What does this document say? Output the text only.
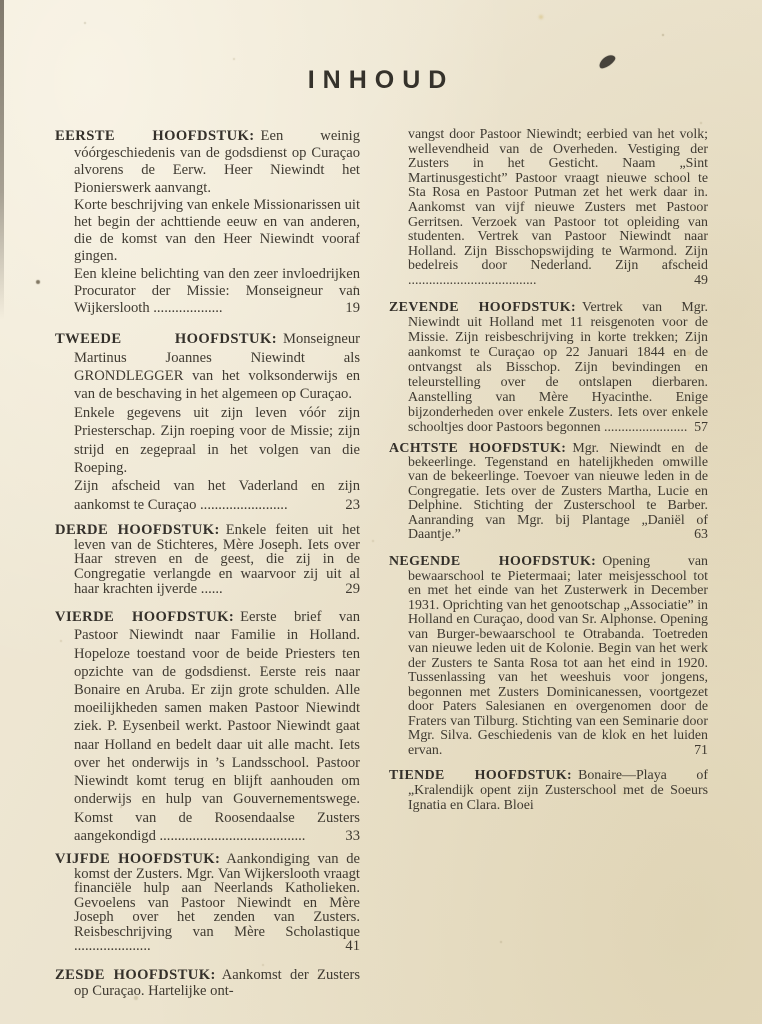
INHOUD

EERSTE HOOFDSTUK: Een weinig vóórgeschiedenis van de godsdienst op Curaçao alvorens de Eerw. Heer Niewindt het Pionierswerk aanvangt.

Korte beschrijving van enkele Missionarissen uit het begin der achttiende eeuw en van anderen, die de komst van den Heer Niewindt vooraf gingen.

Een kleine belichting van den zeer invloedrijken Procurator der Missie: Monseigneur van Wijkerslooth ...................	19

TWEEDE HOOFDSTUK: Monseigneur Martinus Joannes Niewindt als GRONDLEGGER van het volksonderwijs en van de beschaving in het algemeen op Curaçao.

Enkele gegevens uit zijn leven vóór zijn Priesterschap. Zijn roeping voor de Missie; zijn strijd en zegepraal in het volgen van die Roeping.

Zijn afscheid van het Vaderland en zijn aankomst te Curaçao ........................	23

DERDE HOOFDSTUK: Enkele feiten uit het leven van de Stichteres, Mère Joseph. Iets over Haar streven en de geest, die zij in de Congregatie verlangde en waarvoor zij uit al haar krachten ijverde ......	29

VIERDE HOOFDSTUK: Eerste brief van Pastoor Niewindt naar Familie in Holland. Hopeloze toestand voor de beide Priesters ten opzichte van de godsdienst. Eerste reis naar Bonaire en Aruba. Er zijn grote schulden. Alle moeilijkheden samen maken Pastoor Niewindt ziek. P. Eysenbeil werkt. Pastoor Niewindt gaat naar Holland en bedelt daar uit alle macht. Iets over het onderwijs in ’s Landsschool. Pastoor Niewindt komt terug en blijft aanhouden om onderwijs en hulp van Gouvernementswege. Komst van de Roosendaalse Zusters aangekondigd ........................................	33

VIJFDE HOOFDSTUK: Aankondiging van de komst der Zusters. Mgr. Van Wijkerslooth vraagt financiële hulp aan Neerlands Katholieken. Gevoelens van Pastoor Niewindt en Mère Joseph over het zenden van Zusters. Reisbeschrijving van Mère Scholastique .....................	41

ZESDE HOOFDSTUK: Aankomst der Zusters op Curaçao. Hartelijke ont-

vangst door Pastoor Niewindt; eerbied van het volk; wellevendheid van de Overheden. Vestiging der Zusters in het Gesticht. Naam „Sint Martinusgesticht” Pastoor vraagt nieuwe school te Sta Rosa en Pastoor Putman zet het werk daar in. Aankomst van vijf nieuwe Zusters met Pastoor Gerritsen. Verzoek van Pastoor tot opleiding van studenten. Vertrek van Pastoor Niewindt naar Holland. Zijn Bisschopswijding te Warmond. Zijn bedelreis door Nederland. Zijn afscheid .....................................	49

ZEVENDE HOOFDSTUK: Vertrek van Mgr. Niewindt uit Holland met 11 reisgenoten voor de Missie. Zijn reisbeschrijving in korte trekken; Zijn aankomst te Curaçao op 22 Januari 1844 en de ontvangst als Bisschop. Zijn bevindingen en teleurstelling over de ontslapen dierbaren. Aanstelling van Mère Hyacinthe. Enige bijzonderheden over enkele Zusters. Iets over enkele schooltjes door Pastoors begonnen ........................ 57

ACHTSTE HOOFDSTUK: Mgr. Niewindt en de bekeerlinge. Tegenstand en hatelijkheden omwille van de bekeerlinge. Toevoer van nieuwe leden in de Congregatie. Iets over de Zusters Martha, Lucie en Delphine. Stichting der Zusterschool te Barber. Aanranding van Mgr. bij Plantage „Daniël of Daantje.”	63

NEGENDE HOOFDSTUK: Opening van bewaarschool te Pietermaai; later meisjesschool tot en met het einde van het Zusterwerk in December 1931. Oprichting van het genootschap „Associatie” in Holland en Curaçao, dood van Sr. Alphonse. Opening van Burger-bewaarschool te Otrabanda. Toetreden van nieuwe leden uit de Kolonie. Begin van het werk der Zusters te Santa Rosa tot aan het eind in 1920. Tussenlassing van het weeshuis voor jongens, begonnen met Zusters Dominicanessen, voortgezet door Paters Salesianen en overgenomen door de Fraters van Tilburg. Stichting van een Seminarie door Mgr. Silva. Geschiedenis van de klok en het luiden ervan.	71

TIENDE HOOFDSTUK: Bonaire—Playa of „Kralendijk opent zijn Zusterschool met de Soeurs Ignatia en Clara. Bloei
